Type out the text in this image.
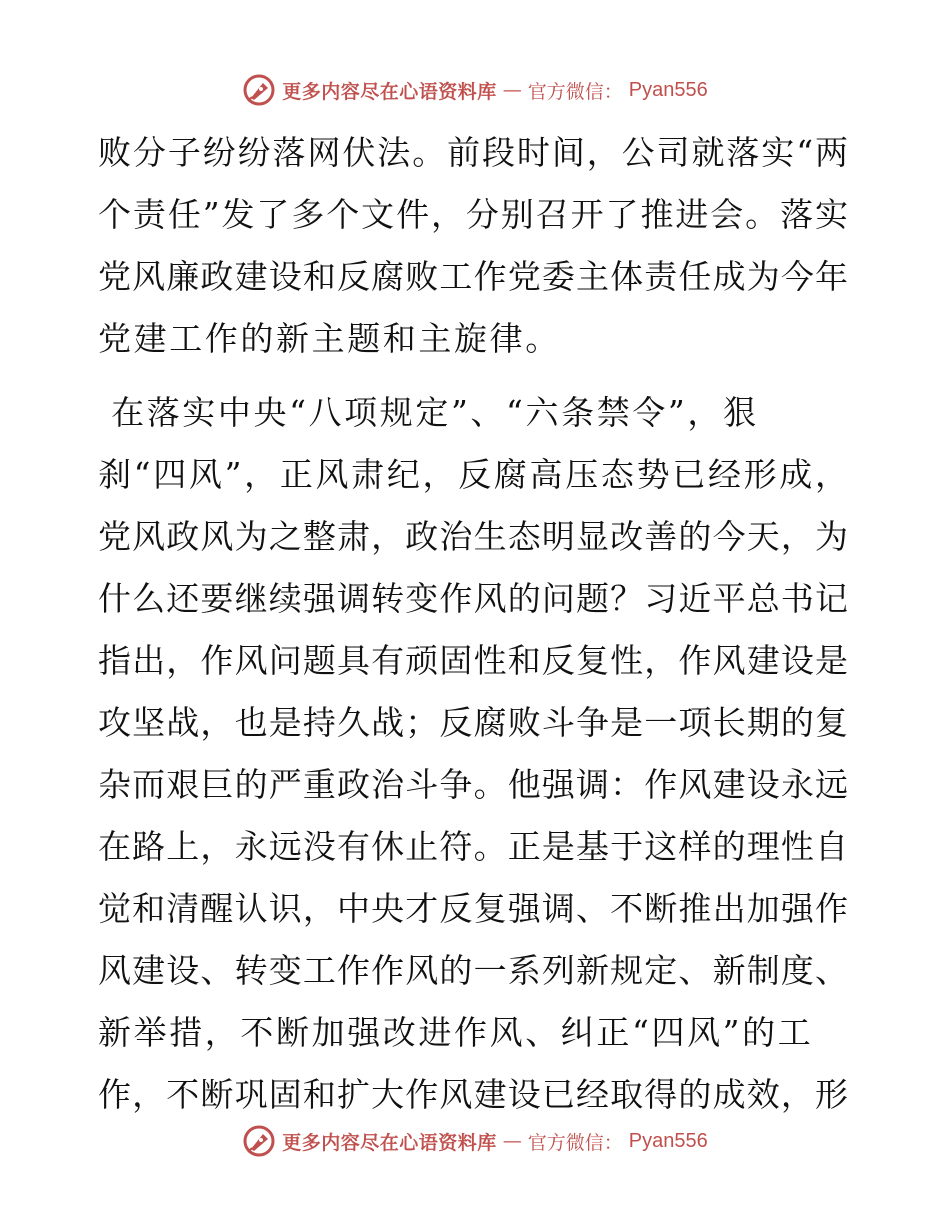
更多内容尽在心语资料库 — 官方微信： Pyan556
败分子纷纷落网伏法。前段时间，公司就落实“两
个责任”发了多个文件，分别召开了推进会。落实
党风廉政建设和反腐败工作党委主体责任成为今年
党建工作的新主题和主旋律。
在落实中央“八项规定”、“六条禁令”，狠
刹“四风”，正风肃纪，反腐高压态势已经形成，
党风政风为之整肃，政治生态明显改善的今天，为
什么还要继续强调转变作风的问题？习近平总书记
指出，作风问题具有顽固性和反复性，作风建设是
攻坚战，也是持久战；反腐败斗争是一项长期的复
杂而艰巨的严重政治斗争。他强调：作风建设永远
在路上，永远没有休止符。正是基于这样的理性自
觉和清醒认识，中央才反复强调、不断推出加强作
风建设、转变工作作风的一系列新规定、新制度、
新举措，不断加强改进作风、纠正“四风”的工
作，不断巩固和扩大作风建设已经取得的成效，形
更多内容尽在心语资料库 — 官方微信： Pyan556
